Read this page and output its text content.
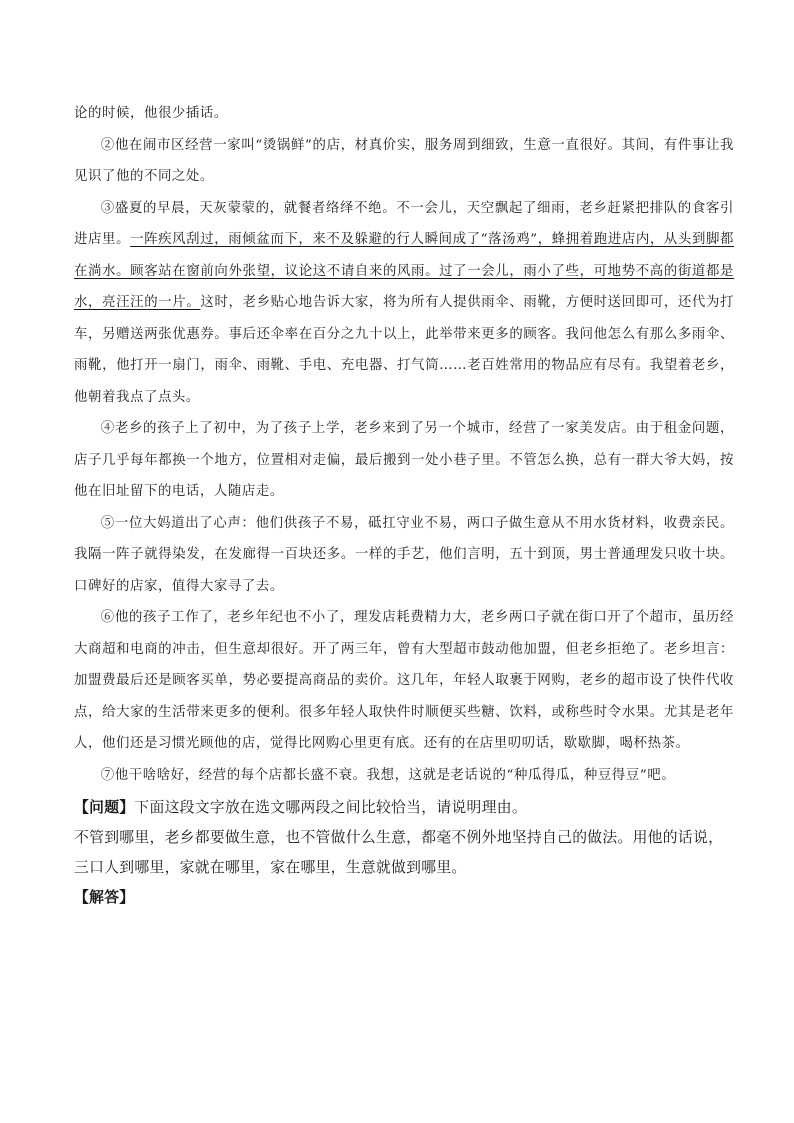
论的时候，他很少插话。

②他在闹市区经营一家叫“烫锅鲜”的店，材真价实，服务周到细致，生意一直很好。其间，有件事让我见识了他的不同之处。

③盛夏的早晨，天灰蒙蒙的，就餐者络绎不绝。不一会儿，天空飘起了细雨，老乡赶紧把排队的食客引进店里。一阵疾风刮过，雨倾盆而下，来不及躲避的行人瞬间成了“落汤鸡”，蜂拥着跑进店内，从头到脚都在淌水。顾客站在窗前向外张望，议论这不请自来的风雨。过了一会儿，雨小了些，可地势不高的街道都是水，亮汪汪的一片。这时，老乡贴心地告诉大家，将为所有人提供雨伞、雨靴，方便时送回即可，还代为打车，另赠送两张优惠券。事后还伞率在百分之九十以上，此举带来更多的顾客。我问他怎么有那么多雨伞、雨靴，他打开一扇门，雨伞、雨靴、手电、充电器、打气筒……老百姓常用的物品应有尽有。我望着老乡，他朝着我点了点头。

④老乡的孩子上了初中，为了孩子上学，老乡来到了另一个城市，经营了一家美发店。由于租金问题，店子几乎每年都换一个地方，位置相对走偏，最后搬到一处小巷子里。不管怎么换，总有一群大爷大妈，按他在旧址留下的电话，人随店走。

⑤一位大妈道出了心声：他们供孩子不易，砥扛守业不易，两口子做生意从不用水货材料，收费亲民。我隔一阵子就得染发，在发廊得一百块还多。一样的手艺，他们言明，五十到顶，男士普通理发只收十块。口碑好的店家，值得大家寻了去。

⑥他的孩子工作了，老乡年纪也不小了，理发店耗费精力大，老乡两口子就在街口开了个超市，虽历经大商超和电商的冲击，但生意却很好。开了两三年，曾有大型超市鼓动他加盟，但老乡拒绝了。老乡坦言：加盟费最后还是顾客买单，势必要提高商品的卖价。这几年，年轻人取裹于网购，老乡的超市设了快件代收点，给大家的生活带来更多的便利。很多年轻人取快件时顺便买些糖、饮料，或称些时令水果。尤其是老年人，他们还是习惯光顾他的店，觉得比网购心里更有底。还有的在店里叨叨话，歇歇脚，喝杯热茶。

⑦他干啥啥好，经营的每个店都长盛不衰。我想，这就是老话说的“种瓜得瓜，种豆得豆”吧。

【问题】下面这段文字放在选文哪两段之间比较恰当，请说明理由。

不管到哪里，老乡都要做生意，也不管做什么生意，都毫不例外地坚持自己的做法。用他的话说，三口人到哪里，家就在哪里，家在哪里，生意就做到哪里。

【解答】
